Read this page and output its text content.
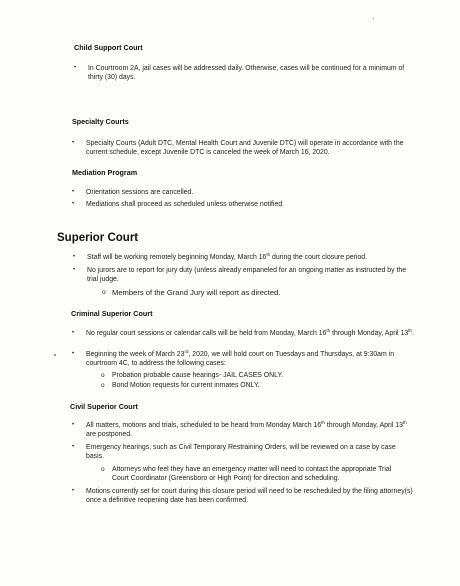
Child Support Court
•	In Courtroom 2A, jail cases will be addressed daily. Otherwise, cases will be continued for a minimum of thirty (30) days.
Specialty Courts
•	Specialty Courts (Adult DTC, Mental Health Court and Juvenile DTC) will operate in accordance with the current schedule, except Juvenile DTC is canceled the week of March 16, 2020.
Mediation Program
•	Orientation sessions are cancelled.
•	Mediations shall proceed as scheduled unless otherwise notified.
Superior Court
•	Staff will be working remotely beginning Monday, March 16th during the court closure period.
•	No jurors are to report for jury duty (unless already empaneled for an ongoing matter as instructed by the trial judge.
o Members of the Grand Jury will report as directed.
Criminal Superior Court
•	No regular court sessions or calendar calls will be held from Monday, March 16th through Monday, April 13th.
•	Beginning the week of March 23rd, 2020, we will hold court on Tuesdays and Thursdays, at 9:30am in courtroom 4C, to address the following cases:
o	Probation probable cause hearings- JAIL CASES ONLY.
o	Bond Motion requests for current inmates ONLY.
Civil Superior Court
•	All matters, motions and trials, scheduled to be heard from Monday March 16th through Monday, April 13th are postponed.
•	Emergency hearings, such as Civil Temporary Restraining Orders, will be reviewed on a case by case basis.
o	Attorneys who feel they have an emergency matter will need to contact the appropriate Trial Court Coordinator (Greensboro or High Point) for direction and scheduling.
•	Motions currently set for court during this closure period will need to be rescheduled by the filing attorney(s) once a definitive reopening date has been confirmed.
